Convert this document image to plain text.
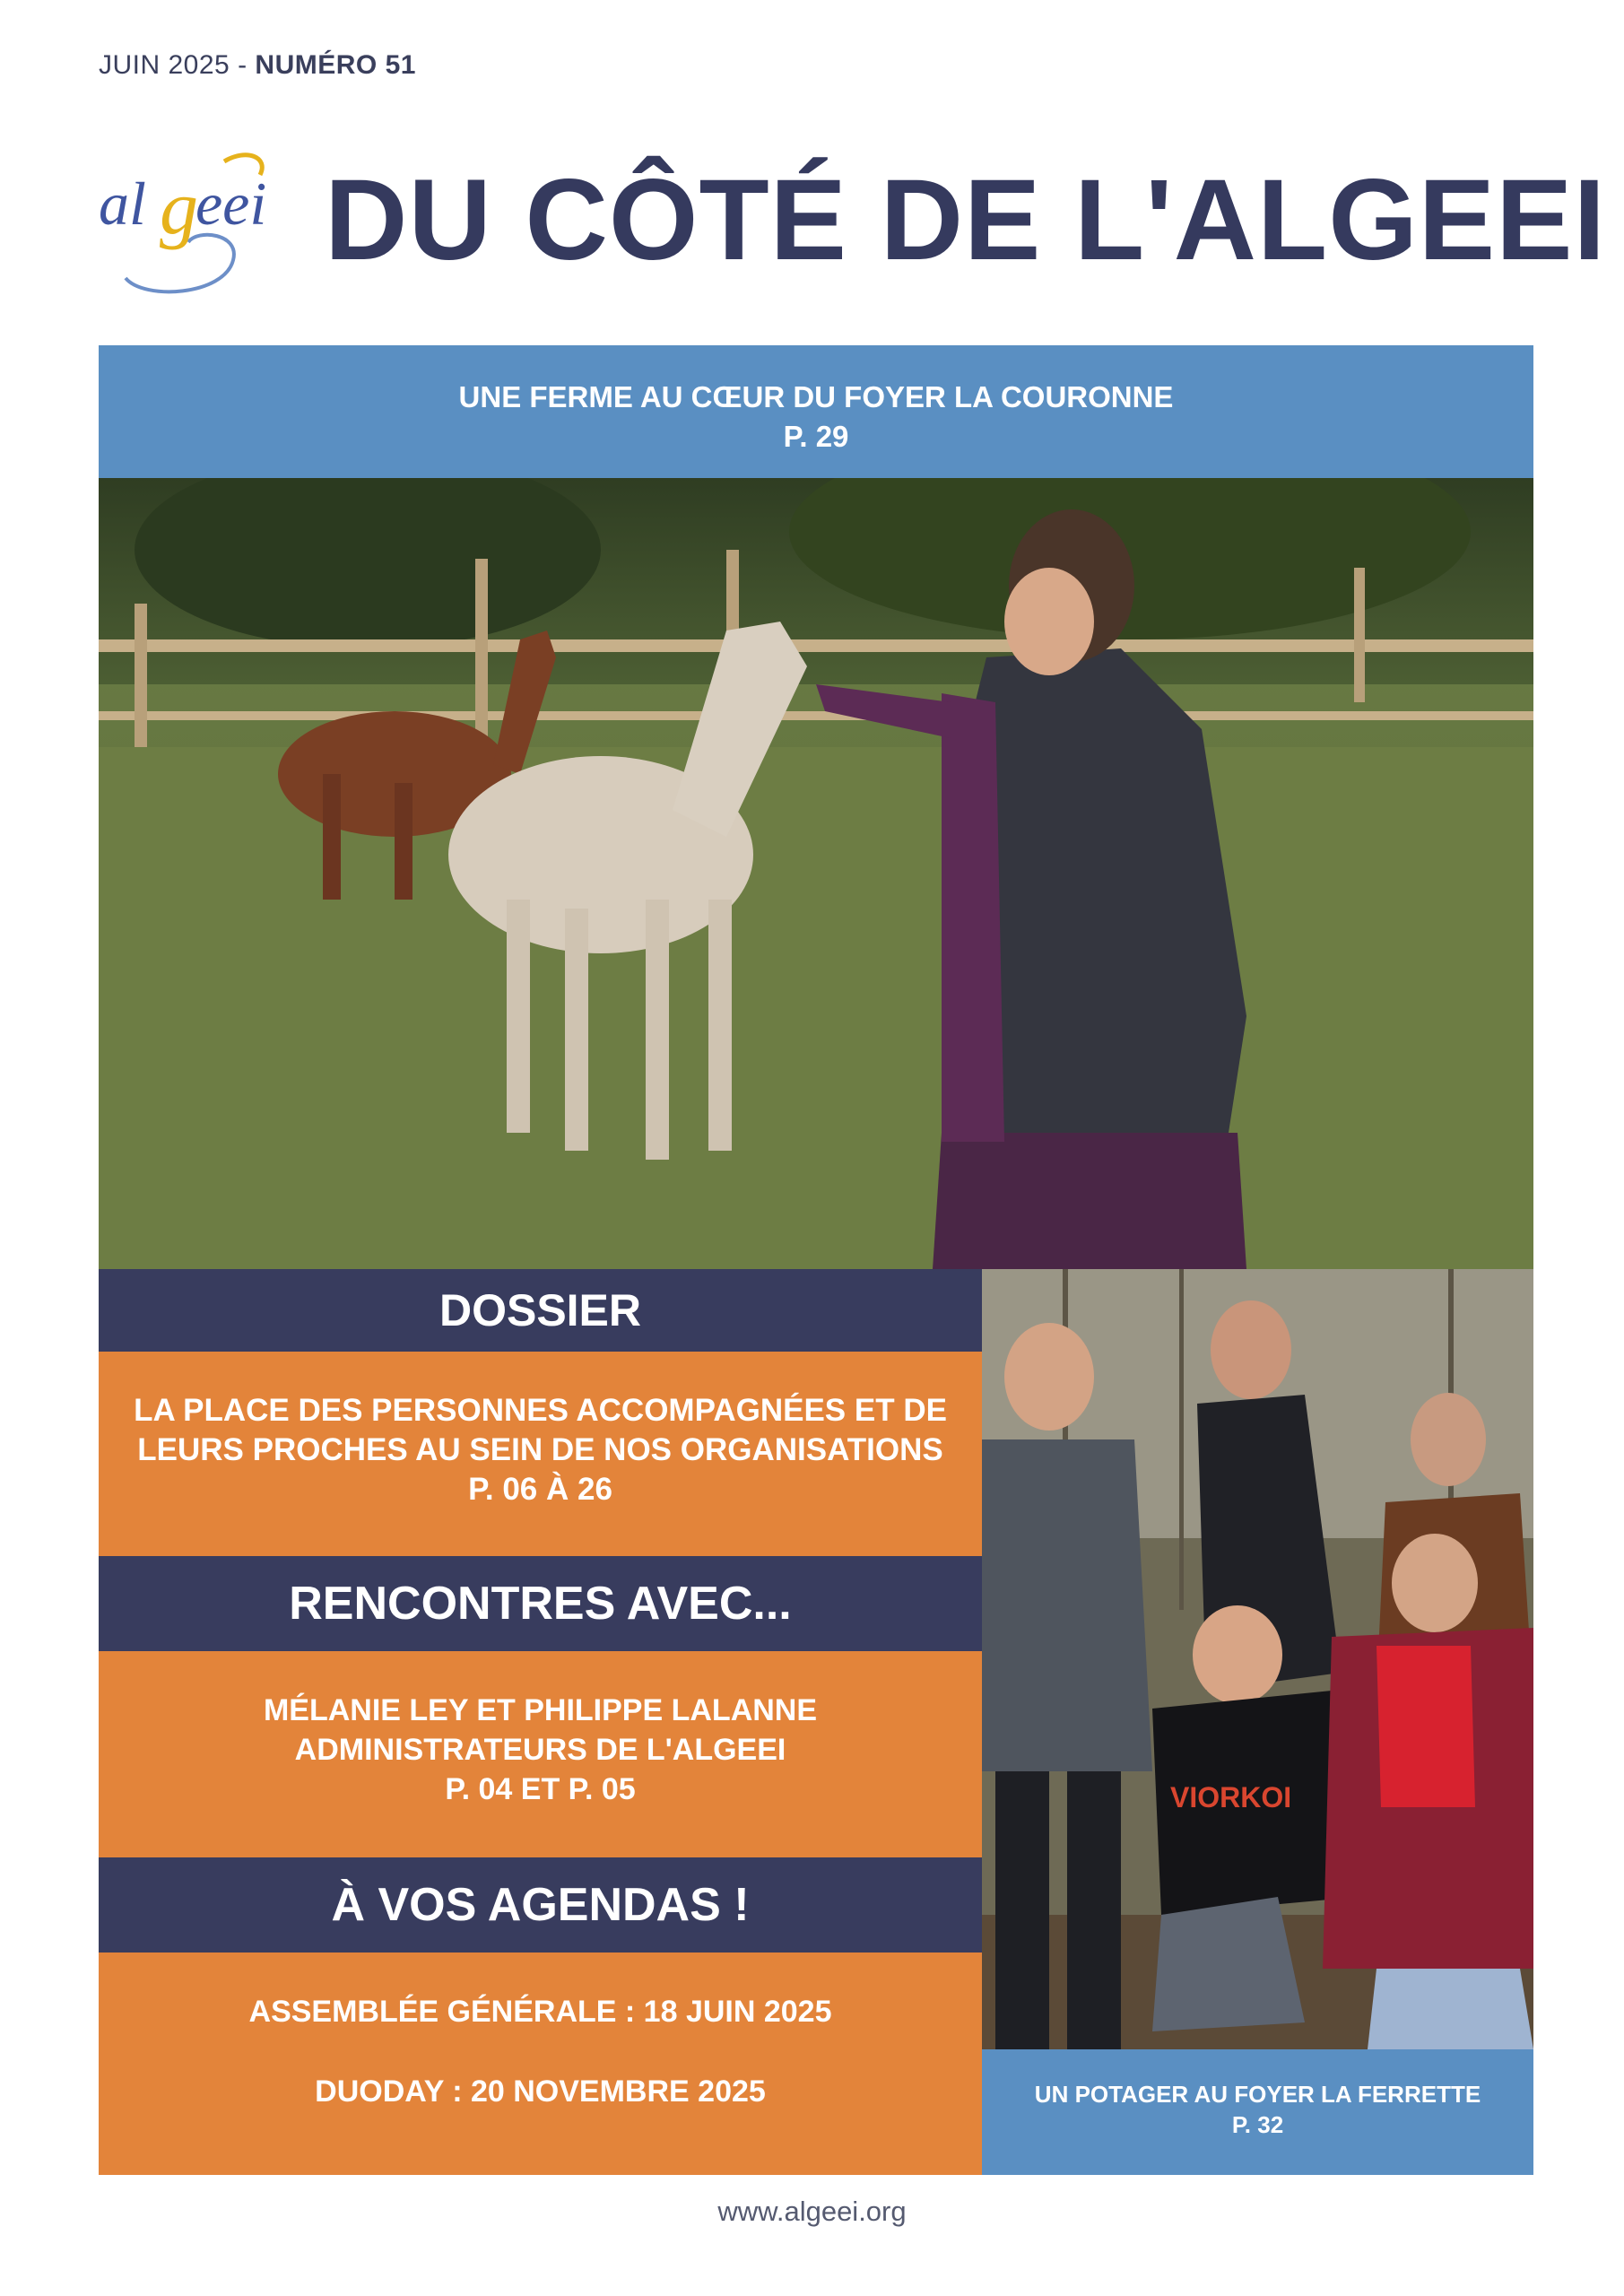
JUIN 2025 - NUMÉRO 51
al g
eei DU CÔTÉ DE L'ALGEEI
UNE FERME AU CŒUR DU FOYER LA COURONNE
P. 29
DOSSIER
LA PLACE DES PERSONNES ACCOMPAGNÉES ET DE
LEURS PROCHES AU SEIN DE NOS ORGANISATIONS
P. 06 À 26
RENCONTRES AVEC...
MÉLANIE LEY ET PHILIPPE LALANNE
ADMINISTRATEURS DE L'ALGEEI
P. 04 ET P. 05
À VOS AGENDAS !
ASSEMBLÉE GÉNÉRALE : 18 JUIN 2025
DUODAY : 20 NOVEMBRE 2025
VIORKOI
UN POTAGER AU FOYER LA FERRETTE
P. 32
www.algeei.org
